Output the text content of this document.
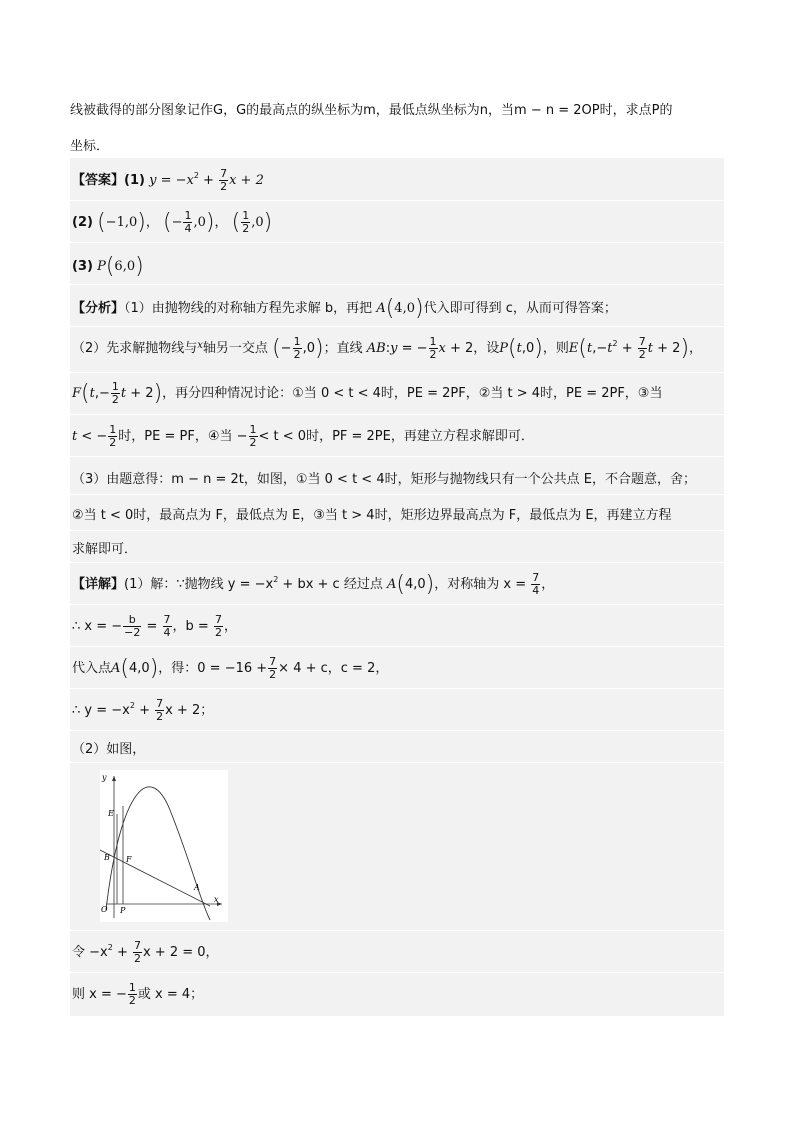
线被截得的部分图象记作G，G的最高点的纵坐标为m，最低点纵坐标为n，当m − n = 2OP时，求点P的
坐标．
【答案】(1) $y = -x^2 + \frac{7}{2}$ x + 2
(2) (−1,0)， (− $\frac{1}{4} ,0$)， ( $\frac{1}{2} ,0$)
(3) P(6,0)
【分析】（1）由抛物线的对称轴方程先求解 b，再把 A(4,0)代入即可得到 c，从而可得答案；
（2）先求解抛物线与$^x$轴另一交点 (− $\frac{1}{2} ,0$)；直线 AB:y = − $\frac{1}{2}$ x + 2，设P(t,0)，则$E(t,-t^2 + \frac{7}{2}$ t + 2)，
$F(t,- \frac{1}{2}$ t + 2)，再分四种情况讨论：①当 0 < t < 4时，PE = 2PF，②当 t > 4时，PE = 2PF，③当
t < − $\frac{1}{2}$ 时，PE = PF，④当 − $\frac{1}{2} < t < 0$时，PF = 2PE，再建立方程求解即可．
（3）由题意得：m − n = 2t，如图，①当 0 < t < 4时，矩形与抛物线只有一个公共点 E，不合题意，舍；
②当 t < 0时，最高点为 F，最低点为 E，③当 t > 4时，矩形边界最高点为 F，最低点为 E，再建立方程
求解即可．
【详解】(1）解：∵抛物线 $y = -x^2$ + bx + c 经过点 A(4,0)，对称轴为 $x = \frac{7}{4}$ ，
∴ x = − $\frac{b}{-2} = \frac{7}{4}$ ，$b = \frac{7}{2}$ ，
代入点A(4,0)，得：$0 = -16 + \frac{7}{2} \times 4 + c$，c = 2，
∴ $y = -x^2 + \frac{7}{2}$ x + 2；
（2）如图，
y
E
F
B
A
O P
x
令 $-x^2 + \frac{7}{2}$ x + 2 = 0，
则 x = − $\frac{1}{2}$ 或 x = 4；
